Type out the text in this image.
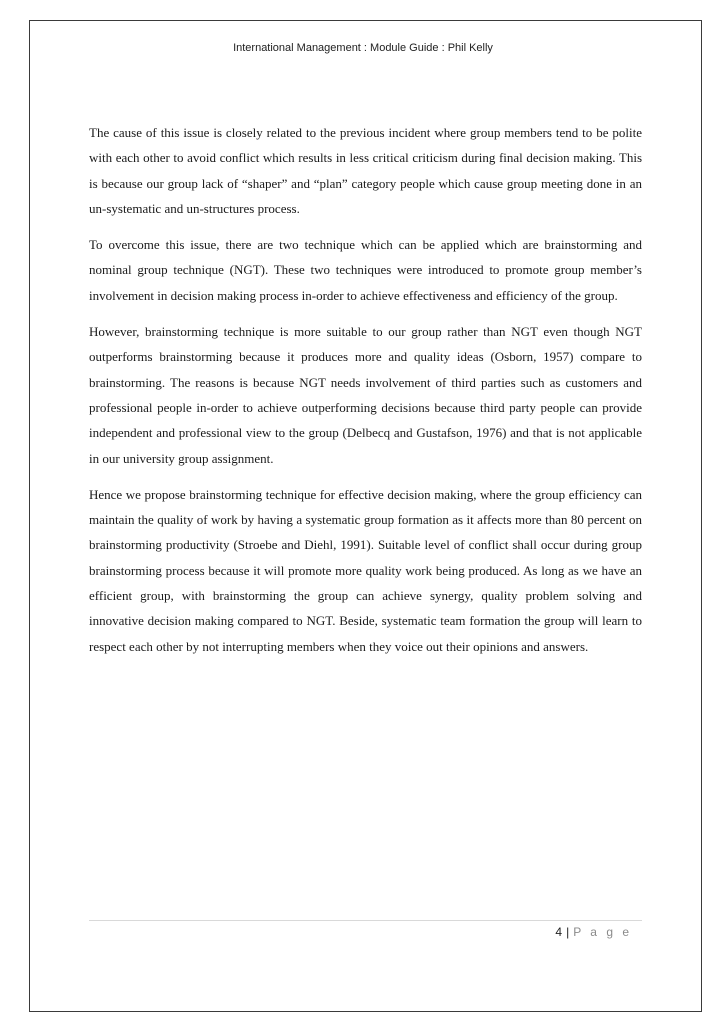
International Management : Module Guide : Phil Kelly

The cause of this issue is closely related to the previous incident where group members tend to be polite with each other to avoid conflict which results in less critical criticism during final decision making. This is because our group lack of “shaper” and “plan” category people which cause group meeting done in an un-systematic and un-structures process.

To overcome this issue, there are two technique which can be applied which are brainstorming and nominal group technique (NGT). These two techniques were introduced to promote group member’s involvement in decision making process in-order to achieve effectiveness and efficiency of the group.

However, brainstorming technique is more suitable to our group rather than NGT even though NGT outperforms brainstorming because it produces more and quality ideas (Osborn, 1957) compare to brainstorming. The reasons is because NGT needs involvement of third parties such as customers and professional people in-order to achieve outperforming decisions because third party people can provide independent and professional view to the group (Delbecq and Gustafson, 1976) and that is not applicable in our university group assignment.

Hence we propose brainstorming technique for effective decision making, where the group efficiency can maintain the quality of work by having a systematic group formation as it affects more than 80 percent on brainstorming productivity (Stroebe and Diehl, 1991). Suitable level of conflict shall occur during group brainstorming process because it will promote more quality work being produced. As long as we have an efficient group, with brainstorming the group can achieve synergy, quality problem solving and innovative decision making compared to NGT. Beside, systematic team formation the group will learn to respect each other by not interrupting members when they voice out their opinions and answers.

4 | P a g e
